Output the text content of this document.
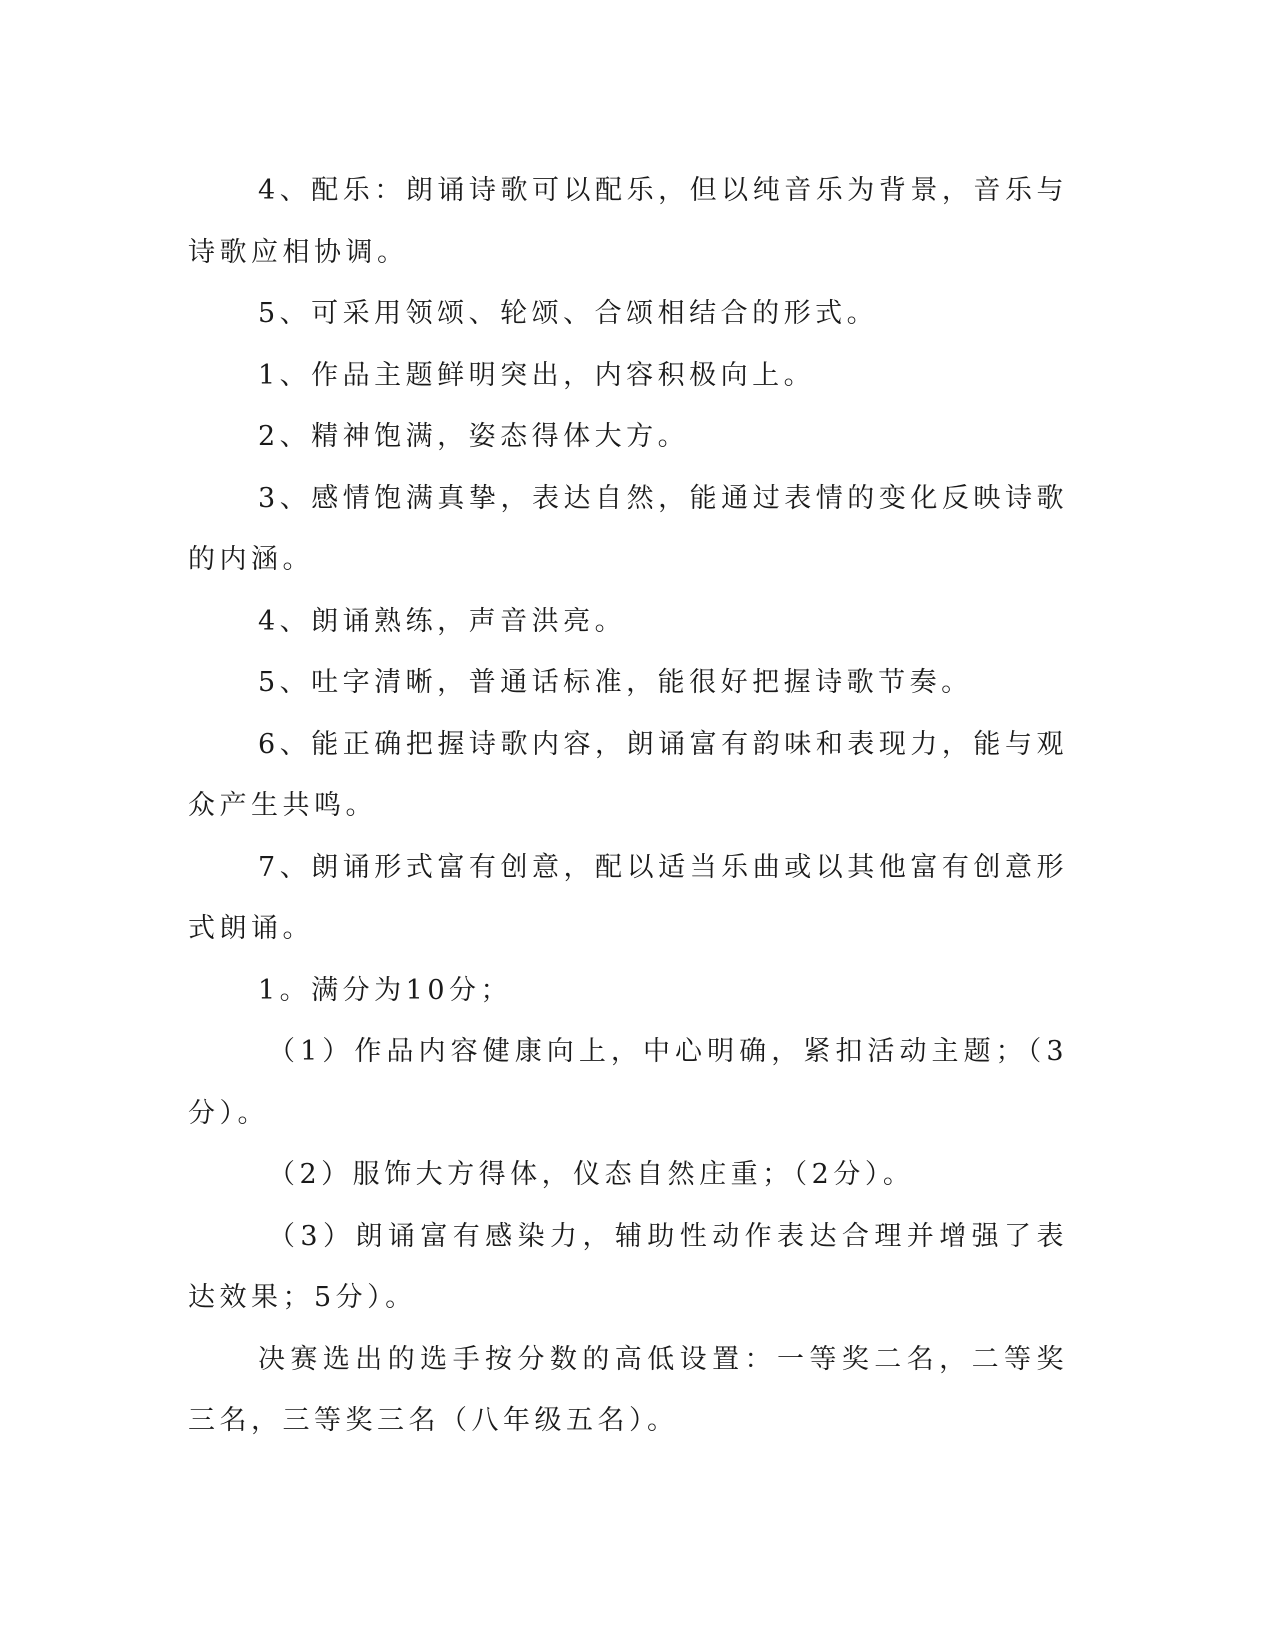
4、配乐：朗诵诗歌可以配乐，但以纯音乐为背景，音乐与诗歌应相协调。

5、可采用领颂、轮颂、合颂相结合的形式。

1、作品主题鲜明突出，内容积极向上。

2、精神饱满，姿态得体大方。

3、感情饱满真挚，表达自然，能通过表情的变化反映诗歌的内涵。

4、朗诵熟练，声音洪亮。

5、吐字清晰，普通话标准，能很好把握诗歌节奏。

6、能正确把握诗歌内容，朗诵富有韵味和表现力，能与观众产生共鸣。

7、朗诵形式富有创意，配以适当乐曲或以其他富有创意形式朗诵。

1。满分为10分；

（1）作品内容健康向上，中心明确，紧扣活动主题；（3分）。

（2）服饰大方得体，仪态自然庄重；（2分）。

（3）朗诵富有感染力，辅助性动作表达合理并增强了表达效果；5分）。

决赛选出的选手按分数的高低设置：一等奖二名，二等奖三名，三等奖三名（八年级五名）。
